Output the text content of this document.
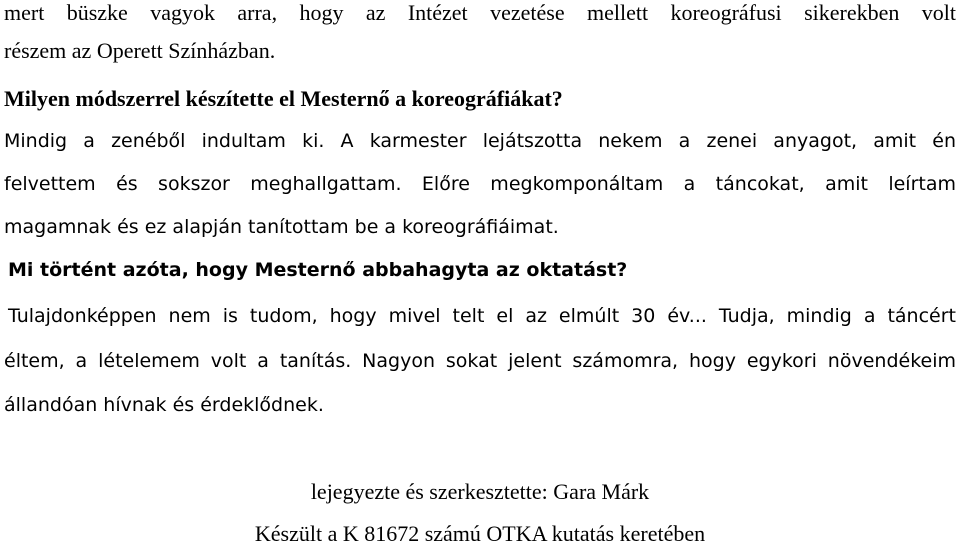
mert büszke vagyok arra, hogy az Intézet vezetése mellett koreográfusi sikerekben volt
részem az Operett Színházban.
Milyen módszerrel készítette el Mesternő a koreográfiákat?
Mindig a zenéből indultam ki. A karmester lejátszotta nekem a zenei anyagot, amit én
felvettem és sokszor meghallgattam. Előre megkomponáltam a táncokat, amit leírtam
magamnak és ez alapján tanítottam be a koreográfiáimat.
Mi történt azóta, hogy Mesternő abbahagyta az oktatást?
Tulajdonképpen nem is tudom, hogy mivel telt el az elmúlt 30 év... Tudja, mindig a táncért
éltem, a lételemem volt a tanítás. Nagyon sokat jelent számomra, hogy egykori növendékeim
állandóan hívnak és érdeklődnek.
lejegyezte és szerkesztette: Gara Márk
Készült a K 81672 számú OTKA kutatás keretében
